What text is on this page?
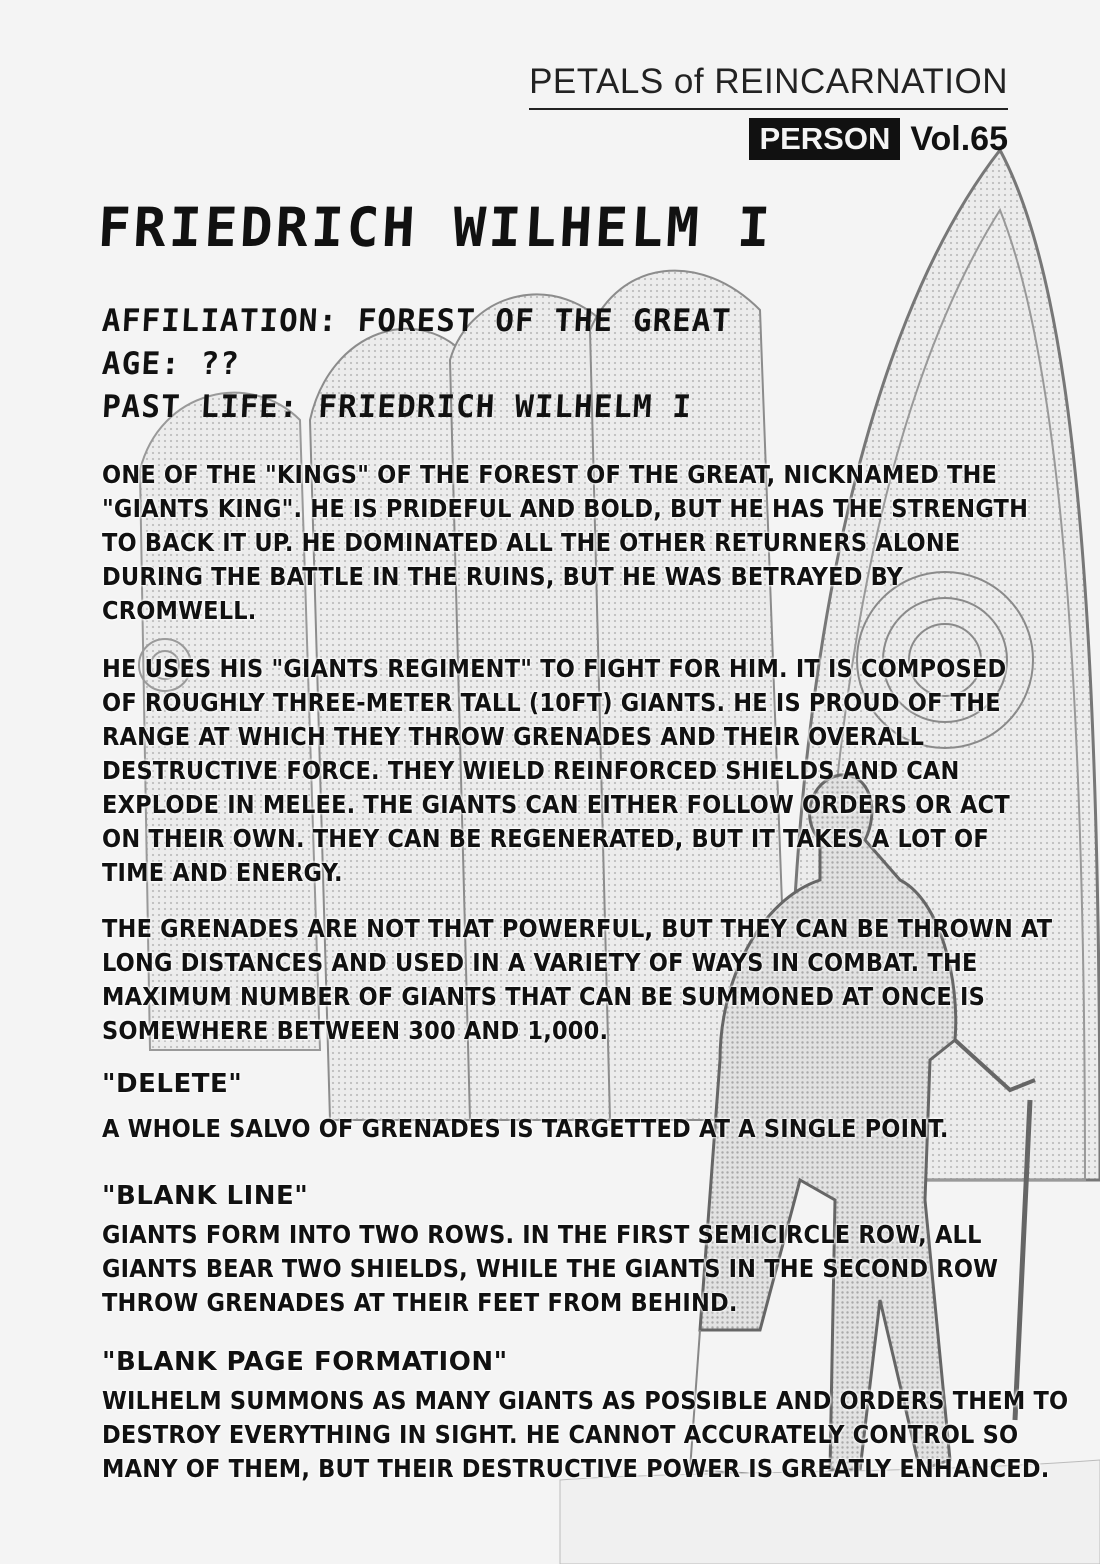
PETALS of REINCARNATION
PERSON Vol.65
FRIEDRICH WILHELM I
AFFILIATION: FOREST OF THE GREAT
AGE: ??
PAST LIFE: FRIEDRICH WILHELM I
ONE OF THE "KINGS" OF THE FOREST OF THE GREAT, NICKNAMED THE
"GIANTS KING". HE IS PRIDEFUL AND BOLD, BUT HE HAS THE STRENGTH
TO BACK IT UP. HE DOMINATED ALL THE OTHER RETURNERS ALONE
DURING THE BATTLE IN THE RUINS, BUT HE WAS BETRAYED BY
CROMWELL.
HE USES HIS "GIANTS REGIMENT" TO FIGHT FOR HIM. IT IS COMPOSED
OF ROUGHLY THREE-METER TALL (10FT) GIANTS. HE IS PROUD OF THE
RANGE AT WHICH THEY THROW GRENADES AND THEIR OVERALL
DESTRUCTIVE FORCE. THEY WIELD REINFORCED SHIELDS AND CAN
EXPLODE IN MELEE. THE GIANTS CAN EITHER FOLLOW ORDERS OR ACT
ON THEIR OWN. THEY CAN BE REGENERATED, BUT IT TAKES A LOT OF
TIME AND ENERGY.
THE GRENADES ARE NOT THAT POWERFUL, BUT THEY CAN BE THROWN AT
LONG DISTANCES AND USED IN A VARIETY OF WAYS IN COMBAT. THE
MAXIMUM NUMBER OF GIANTS THAT CAN BE SUMMONED AT ONCE IS
SOMEWHERE BETWEEN 300 AND 1,000.
"DELETE"
A WHOLE SALVO OF GRENADES IS TARGETTED AT A SINGLE POINT.
"BLANK LINE"
GIANTS FORM INTO TWO ROWS. IN THE FIRST SEMICIRCLE ROW, ALL
GIANTS BEAR TWO SHIELDS, WHILE THE GIANTS IN THE SECOND ROW
THROW GRENADES AT THEIR FEET FROM BEHIND.
"BLANK PAGE FORMATION"
WILHELM SUMMONS AS MANY GIANTS AS POSSIBLE AND ORDERS THEM TO
DESTROY EVERYTHING IN SIGHT. HE CANNOT ACCURATELY CONTROL SO
MANY OF THEM, BUT THEIR DESTRUCTIVE POWER IS GREATLY ENHANCED.
